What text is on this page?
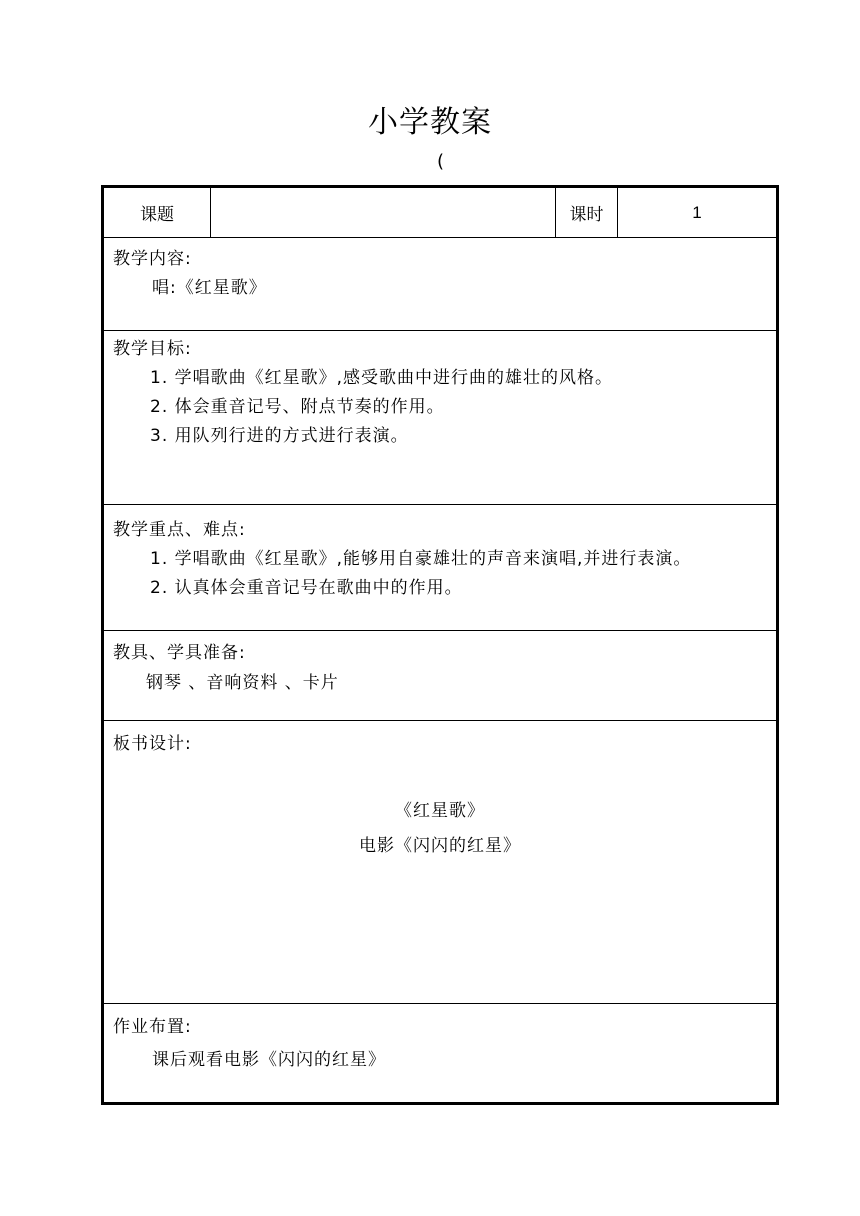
小学教案
(
课题	课时	1
教学内容:
唱:《红星歌》
教学目标:
1. 学唱歌曲《红星歌》,感受歌曲中进行曲的雄壮的风格。
2. 体会重音记号、附点节奏的作用。
3. 用队列行进的方式进行表演。
教学重点、难点:
1. 学唱歌曲《红星歌》,能够用自豪雄壮的声音来演唱,并进行表演。
2. 认真体会重音记号在歌曲中的作用。
教具、学具准备:
钢琴 、音响资料 、卡片
板书设计:
《红星歌》
电影《闪闪的红星》
作业布置:
课后观看电影《闪闪的红星》
